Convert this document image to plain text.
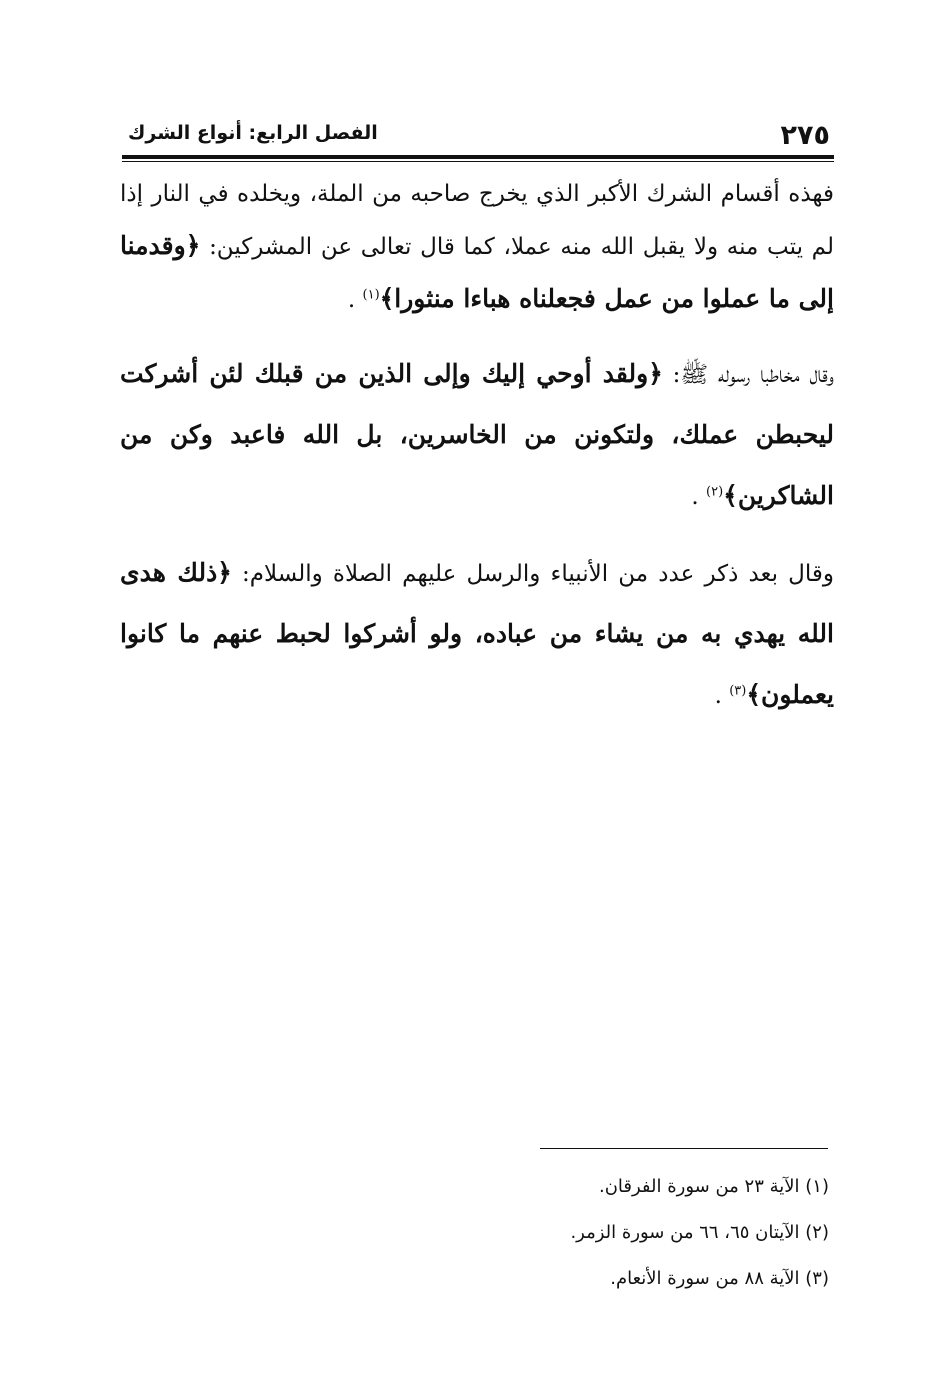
٢٧٥
الفصل الرابع: أنواع الشرك

فهذه أقسام الشرك الأكبر الذي يخرج صاحبه من الملة، ويخلده في النار إذا لم يتب منه ولا يقبل الله منه عملا، كما قال تعالى عن المشركين: ﴿وقدمنا إلى ما عملوا من عمل فجعلناه هباءا منثورا﴾$^{(١)}$ .

وقال مخاطبا رسوله ﷺ: ﴿ولقد أوحي إليك وإلى الذين من قبلك لئن أشركت ليحبطن عملك، ولتكونن من الخاسرين، بل الله فاعبد وكن من الشاكرين﴾$^{(٢)}$ .

وقال بعد ذكر عدد من الأنبياء والرسل عليهم الصلاة والسلام: ﴿ذلك هدى الله يهدي به من يشاء من عباده، ولو أشركوا لحبط عنهم ما كانوا يعملون﴾$^{(٣)}$ .

(١) الآية ٢٣ من سورة الفرقان.

(٢) الآيتان ٦٥، ٦٦ من سورة الزمر.

(٣) الآية ٨٨ من سورة الأنعام.
